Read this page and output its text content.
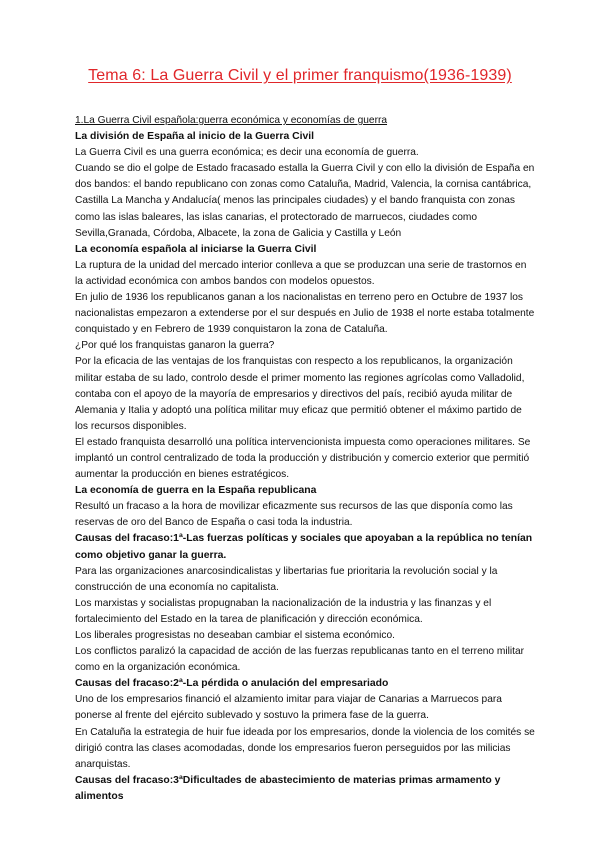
Tema 6: La Guerra Civil y el primer franquismo(1936-1939)

1.La Guerra Civil española:guerra económica y economías de guerra

La división de España al inicio de la Guerra Civil

La Guerra Civil es una guerra económica; es decir una economía de guerra.

Cuando se dio el golpe de Estado fracasado estalla la Guerra Civil y con ello la división de España en dos bandos: el bando republicano con zonas como Cataluña, Madrid, Valencia, la cornisa cantábrica, Castilla La Mancha y Andalucía( menos las principales ciudades) y el bando franquista con zonas como las islas baleares, las islas canarias, el protectorado de marruecos, ciudades como Sevilla,Granada, Córdoba, Albacete, la zona de Galicia y Castilla y León

La economía española al iniciarse la Guerra Civil

La ruptura de la unidad del mercado interior conlleva a que se produzcan una serie de trastornos en la actividad económica con ambos bandos con modelos opuestos.

En julio de 1936 los republicanos ganan a los nacionalistas en terreno pero en Octubre de 1937 los nacionalistas empezaron a extenderse por el sur después en Julio de 1938 el norte estaba totalmente conquistado y en Febrero de 1939 conquistaron la zona de Cataluña.

¿Por qué los franquistas ganaron la guerra?

Por la eficacia de las ventajas de los franquistas con respecto a los republicanos, la organización militar estaba de su lado, controlo desde el primer momento las regiones agrícolas como Valladolid, contaba con el apoyo de la mayoría de empresarios y directivos del país, recibió ayuda militar de Alemania y Italia y adoptó una política militar muy eficaz que permitió obtener el máximo partido de los recursos disponibles.

El estado franquista desarrolló una política intervencionista impuesta como operaciones militares. Se implantó un control centralizado de toda la producción y distribución y comercio exterior que permitió aumentar la producción en bienes estratégicos.

La economía de guerra en la España republicana

Resultó un fracaso a la hora de movilizar eficazmente sus recursos de las que disponía como las reservas de oro del Banco de España o casi toda la industria.

Causas del fracaso:1ª-Las fuerzas políticas y sociales que apoyaban a la república no tenían como objetivo ganar la guerra.

Para las organizaciones anarcosindicalistas y libertarias fue prioritaria la revolución social y la construcción de una economía no capitalista.

Los marxistas y socialistas propugnaban la nacionalización de la industria y las finanzas y el fortalecimiento del Estado en la tarea de planificación y dirección económica.

Los liberales progresistas no deseaban cambiar el sistema económico.

Los conflictos paralizó la capacidad de acción de las fuerzas republicanas tanto en el terreno militar como en la organización económica.

Causas del fracaso:2ª-La pérdida o anulación del empresariado

Uno de los empresarios financió el alzamiento imitar para viajar de Canarias a Marruecos para ponerse al frente del ejército sublevado y sostuvo la primera fase de la guerra.

En Cataluña la estrategia de huir fue ideada por los empresarios, donde la violencia de los comités se dirigió contra las clases acomodadas, donde los empresarios fueron perseguidos por las milicias anarquistas.

Causas del fracaso:3ªDificultades de abastecimiento de materias primas armamento y alimentos
